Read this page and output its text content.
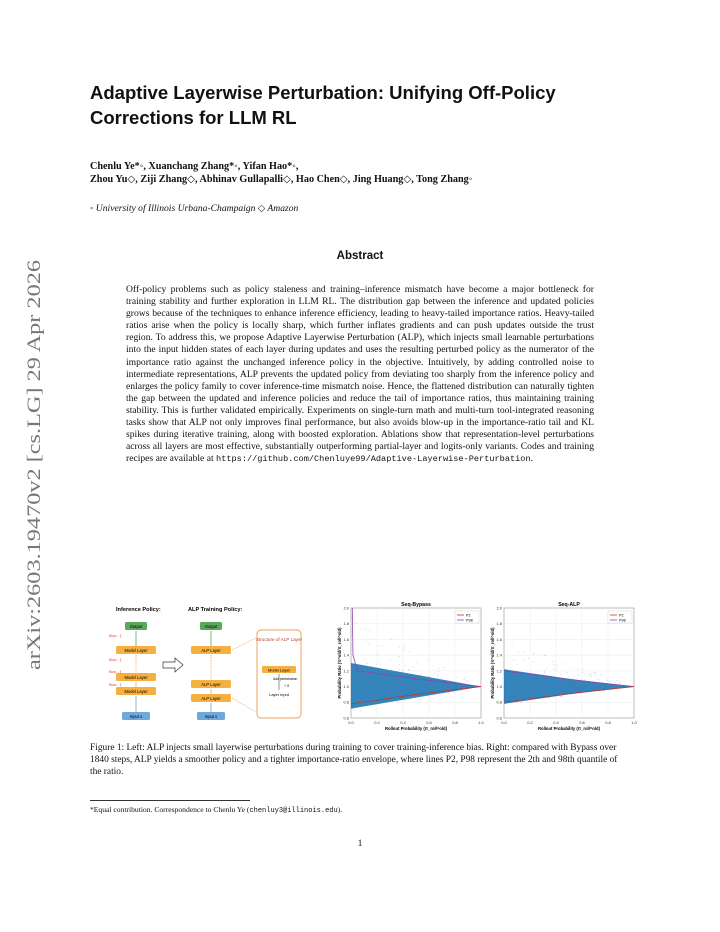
arXiv:2603.19470v2 [cs.LG] 29 Apr 2026
Adaptive Layerwise Perturbation: Unifying Off-Policy Corrections for LLM RL
Chenlu Ye*◦, Xuanchang Zhang*◦, Yifan Hao*◦,
Zhou Yu◇, Ziji Zhang◇, Abhinav Gullapalli◇, Hao Chen◇, Jing Huang◇, Tong Zhang◦
◦ University of Illinois Urbana-Champaign ◇ Amazon
Abstract

Off-policy problems such as policy staleness and training–inference mismatch have become a major bottleneck for training stability and further exploration in LLM RL. The distribution gap between the inference and updated policies grows because of the techniques to enhance inference efficiency, leading to heavy-tailed importance ratios. Heavy-tailed ratios arise when the policy is locally sharp, which further inflates gradients and can push updates outside the trust region. To address this, we propose Adaptive Layerwise Perturbation (ALP), which injects small learnable perturbations into the input hidden states of each layer during updates and uses the resulting perturbed policy as the numerator of the importance ratio against the unchanged inference policy in the objective. Intuitively, by adding controlled noise to intermediate representations, ALP prevents the updated policy from deviating too sharply from the inference policy and enlarges the policy family to cover inference-time mismatch noise. Hence, the flattened distribution can naturally tighten the gap between the updated and inference policies and reduce the tail of importance ratios, thus maintaining training stability. This is further validated empirically. Experiments on single-turn math and multi-turn tool-integrated reasoning tasks show that ALP not only improves final performance, but also avoids blow-up in the importance-ratio tail and KL spikes during iterative training, along with boosted exploration. Ablations show that representation-level perturbations across all layers are most effective, substantially outperforming partial-layer and logits-only variants. Codes and training recipes are available at https://github.com/Chenluye99/Adaptive-Layerwise-Perturbation.

Inference Policy:	ALP Training Policy:
Output
Model Layer
Model Layer
Model Layer
Input x
Bias - ξ
Bias - ξ
Bias - ξ
Bias - ξ
Output
ALP Layer
ALP Layer
ALP Layer
Input x
Structure of ALP Layer
Model Layer
Add perturbation
+ δ
Layer input
0.6
0.8
1.0
1.2
1.4
1.6
1.8
2.0
0.0	0.2	0.4	0.6	0.8	1.0
Seq-Bypass
Rollout Probability (π_roll^old)
Probability Ratio (π^old/π_roll^old)
P2
P98
0.6
0.8
1.0
1.2
1.4
1.6
1.8
2.0
0.0	0.2	0.4	0.6	0.8	1.0
Seq-ALP
Rollout Probability (π_roll^old)
Probability Ratio (π^old/π_roll^old)
P2
P98

Figure 1: Left: ALP injects small layerwise perturbations during training to cover training-inference bias. Right: compared with Bypass over 1840 steps, ALP yields a smoother policy and a tighter importance-ratio envelope, where lines P2, P98 represent the 2th and 98th quantile of the ratio.

*Equal contribution. Correspondence to Chenlu Ye (chenluy3@illinois.edu).
1
